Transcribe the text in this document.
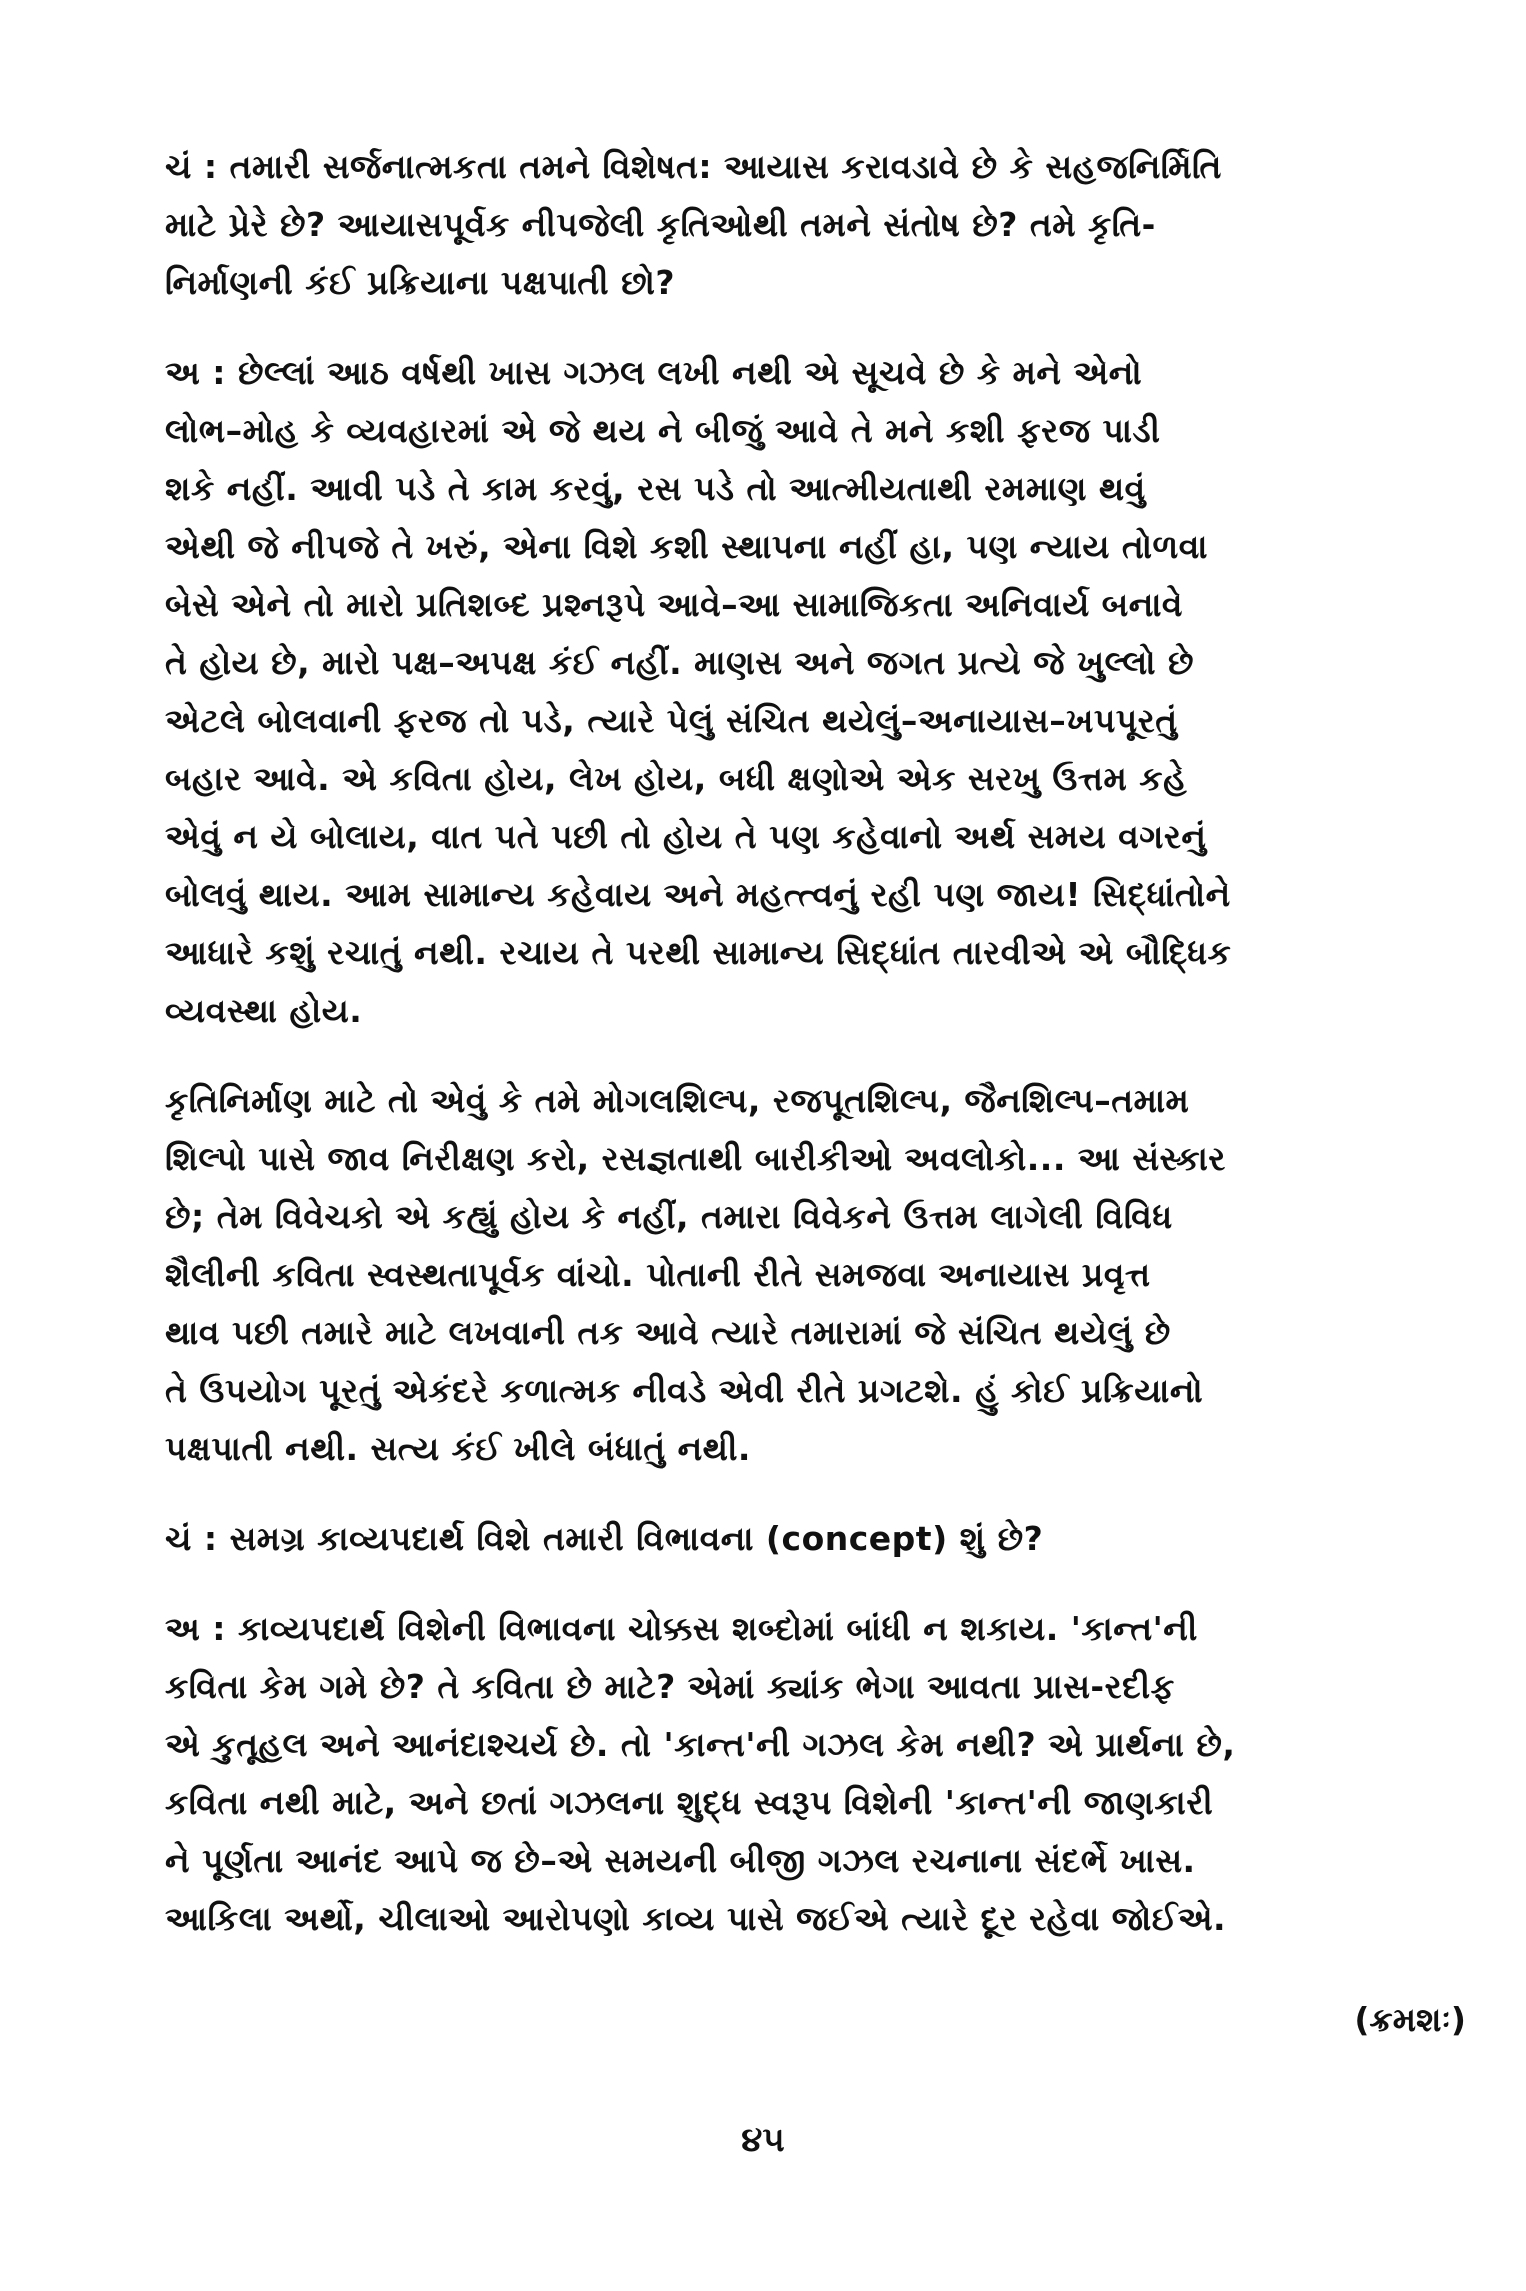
ચં : તમારી સર્જનાત્મકતા તમને વિશેષત: આયાસ કરાવડાવે છે કે સહજનિર્મિતિ
માટે પ્રેરે છે? આયાસપૂર્વક નીપજેલી કૃતિઓથી તમને સંતોષ છે? તમે કૃતિ-
નિર્માણની કંઈ પ્રક્રિયાના પક્ષપાતી છો?

અ : છેલ્લાં આઠ વર્ષથી ખાસ ગઝલ લખી નથી એ સૂચવે છે કે મને એનો
લોભ–મોહ કે વ્યવહારમાં એ જે થય ને બીજું આવે તે મને કશી ફરજ પાડી
શકે નહીં. આવી પડે તે કામ કરવું, રસ પડે તો આત્મીયતાથી રમમાણ થવું
એથી જે નીપજે તે ખરું, એના વિશે કશી સ્થાપના નહીં હા, પણ ન્યાય તોળવા
બેસે એને તો મારો પ્રતિશબ્દ પ્રશ્નરૂપે આવે–આ સામાજિકતા અનિવાર્ય બનાવે
તે હોય છે, મારો પક્ષ–અપક્ષ કંઈ નહીં. માણસ અને જગત પ્રત્યે જે ખુલ્લો છે
એટલે બોલવાની ફરજ તો પડે, ત્યારે પેલું સંચિત થયેલું–અનાયાસ–ખપપૂરતું
બહાર આવે. એ કવિતા હોય, લેખ હોય, બધી ક્ષણોએ એક સરખુ ઉત્તમ કહે
એવું ન યે બોલાય, વાત પતે પછી તો હોય તે પણ કહેવાનો અર્થ સમય વગરનું
બોલવું થાય. આમ સામાન્ય કહેવાય અને મહત્ત્વનું રહી પણ જાય! સિદ્ધાંતોને
આધારે કશું રચાતું નથી. રચાય તે પરથી સામાન્ય સિદ્ધાંત તારવીએ એ બૌદ્ધિક
વ્યવસ્થા હોય.

કૃતિનિર્માણ માટે તો એવું કે તમે મોગલશિલ્પ, રજપૂતશિલ્પ, જૈનશિલ્પ–તમામ
શિલ્પો પાસે જાવ નિરીક્ષણ કરો, રસજ્ઞતાથી બારીકીઓ અવલોકો... આ સંસ્કાર
છે; તેમ વિવેચકો એ કહ્યું હોય કે નહીં, તમારા વિવેકને ઉત્તમ લાગેલી વિવિધ
શૈલીની કવિતા સ્વસ્થતાપૂર્વક વાંચો. પોતાની રીતે સમજવા અનાયાસ પ્રવૃત્ત
થાવ પછી તમારે માટે લખવાની તક આવે ત્યારે તમારામાં જે સંચિત થયેલું છે
તે ઉપયોગ પૂરતું એકંદરે કળાત્મક નીવડે એવી રીતે પ્રગટશે. હું કોઈ પ્રક્રિયાનો
પક્ષપાતી નથી. સત્ય કંઈ ખીલે બંધાતું નથી.

ચં : સમગ્ર કાવ્યપદાર્થ વિશે તમારી વિભાવના (concept) શું છે?

અ : કાવ્યપદાર્થ વિશેની વિભાવના ચોક્કસ શબ્દોમાં બાંધી ન શકાય. 'કાન્ત'ની
કવિતા કેમ ગમે છે? તે કવિતા છે માટે? એમાં ક્યાંક ભેગા આવતા પ્રાસ-રદીફ
એ કુતૂહલ અને આનંદાશ્ચર્ય છે. તો 'કાન્ત'ની ગઝલ કેમ નથી? એ પ્રાર્થના છે,
કવિતા નથી માટે, અને છતાં ગઝલના શુદ્ધ સ્વરૂપ વિશેની 'કાન્ત'ની જાણકારી
ને પૂર્ણતા આનંદ આપે જ છે–એ સમયની બીજી ગઝલ રચનાના સંદર્ભે ખાસ.
આકિલા અર્થો, ચીલાઓ આરોપણો કાવ્ય પાસે જઈએ ત્યારે દૂર રહેવા જોઈએ.

(ક્રમશઃ)
૪૫
